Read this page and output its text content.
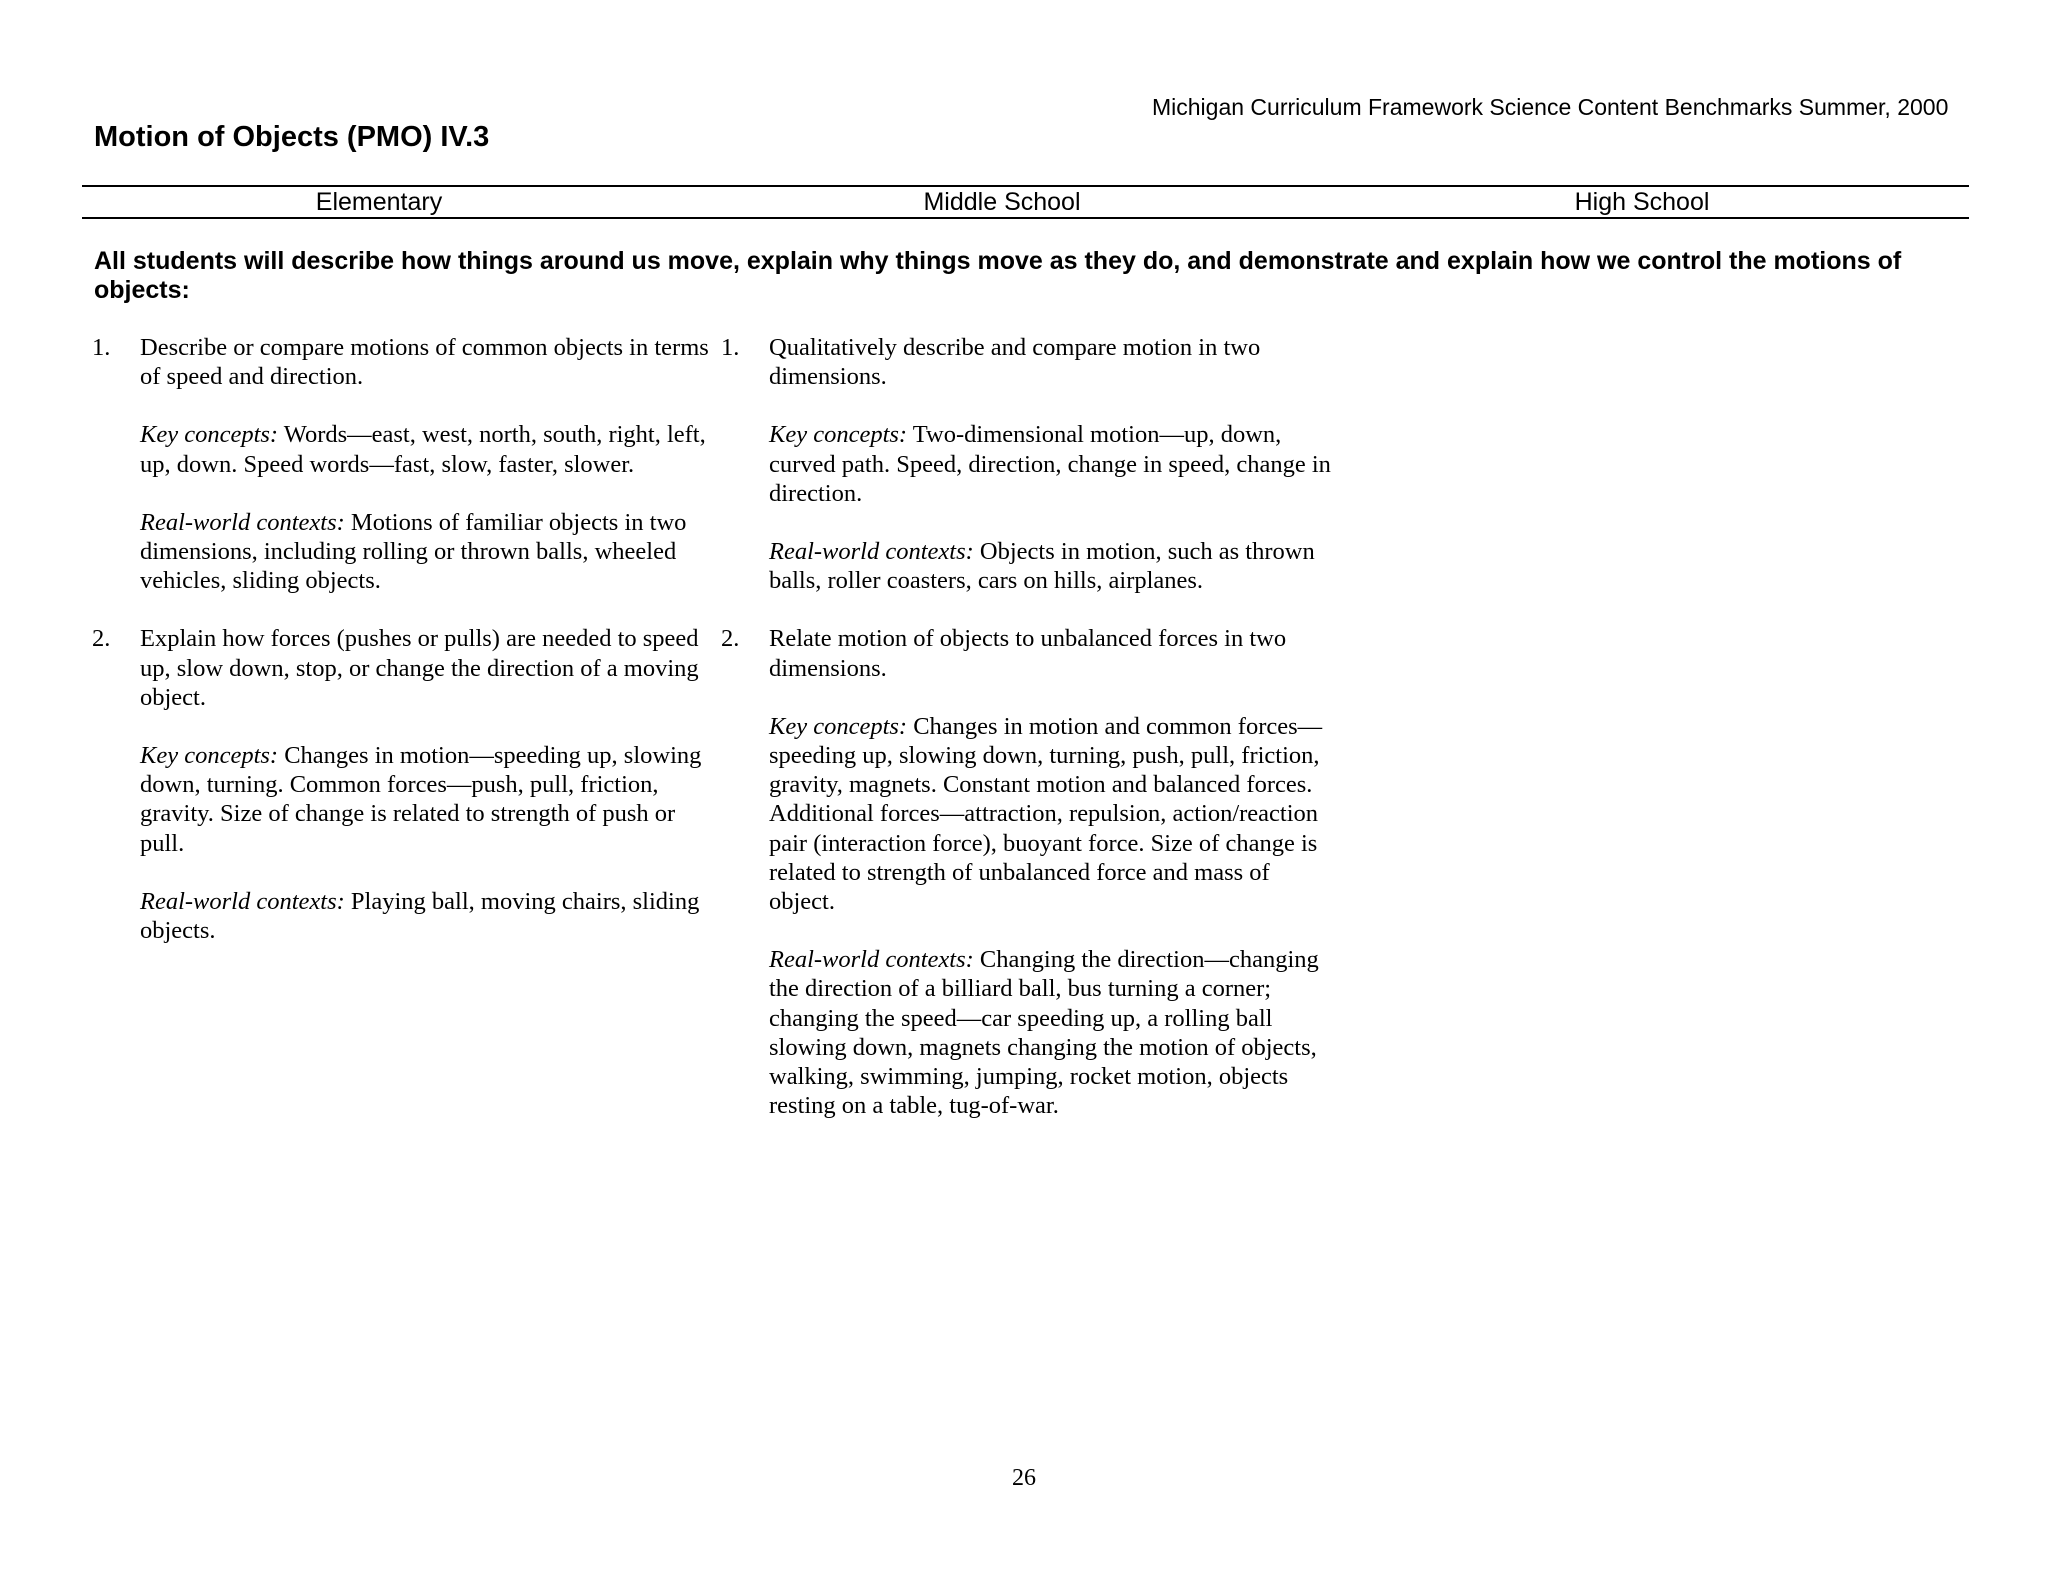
Michigan Curriculum Framework Science Content Benchmarks Summer, 2000
Motion of Objects (PMO) IV.3
Elementary	Middle School	High School

All students will describe how things around us move, explain why things move as they do, and demonstrate and explain how we control the motions of objects:

1. Describe or compare motions of common objects in terms of speed and direction.

Key concepts: Words—east, west, north, south, right, left, up, down. Speed words—fast, slow, faster, slower.

Real-world contexts: Motions of familiar objects in two dimensions, including rolling or thrown balls, wheeled vehicles, sliding objects.

2. Explain how forces (pushes or pulls) are needed to speed up, slow down, stop, or change the direction of a moving object.

Key concepts: Changes in motion—speeding up, slowing down, turning. Common forces—push, pull, friction, gravity. Size of change is related to strength of push or pull.

Real-world contexts: Playing ball, moving chairs, sliding objects.

1. Qualitatively describe and compare motion in two dimensions.

Key concepts: Two-dimensional motion—up, down, curved path. Speed, direction, change in speed, change in direction.

Real-world contexts: Objects in motion, such as thrown balls, roller coasters, cars on hills, airplanes.

2. Relate motion of objects to unbalanced forces in two dimensions.

Key concepts: Changes in motion and common forces—speeding up, slowing down, turning, push, pull, friction, gravity, magnets. Constant motion and balanced forces. Additional forces—attraction, repulsion, action/reaction pair (interaction force), buoyant force. Size of change is related to strength of unbalanced force and mass of object.

Real-world contexts: Changing the direction—changing the direction of a billiard ball, bus turning a corner; changing the speed—car speeding up, a rolling ball slowing down, magnets changing the motion of objects, walking, swimming, jumping, rocket motion, objects resting on a table, tug-of-war.

26
